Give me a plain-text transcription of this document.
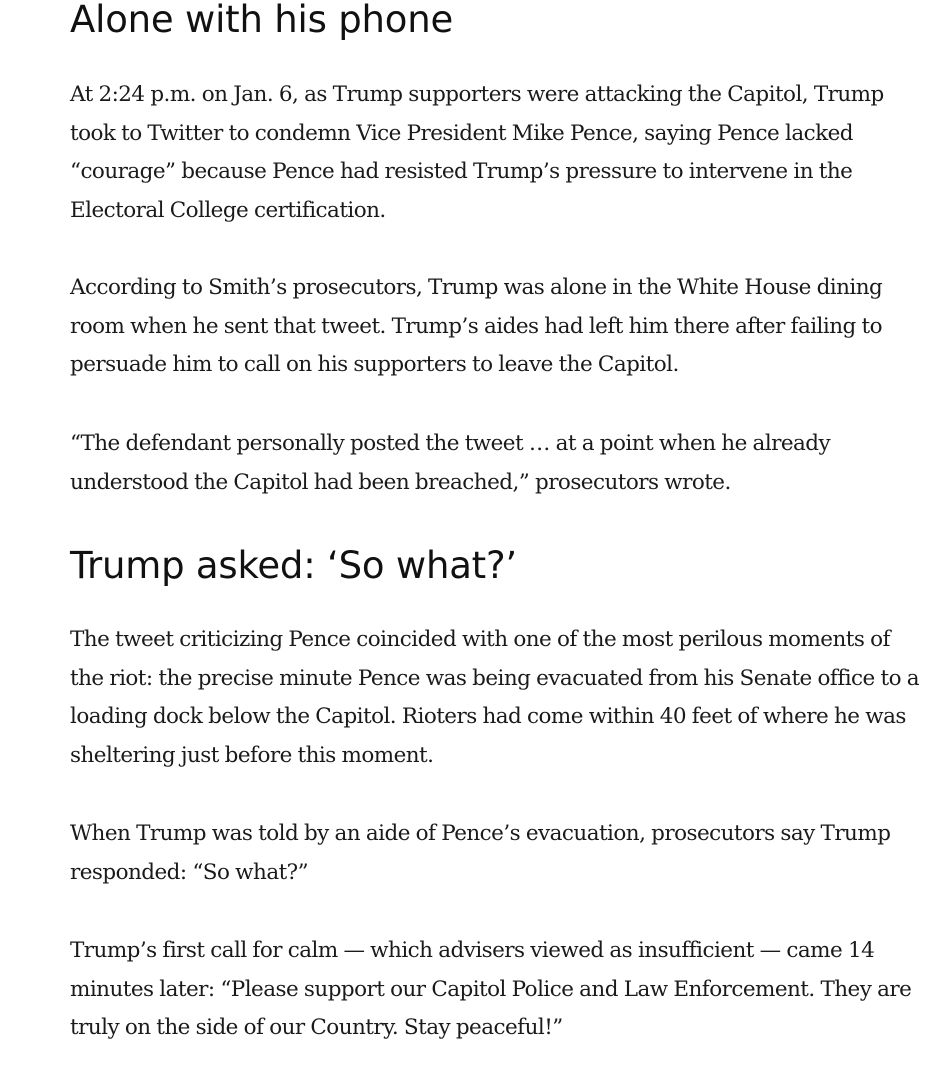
Alone with his phone

At 2:24 p.m. on Jan. 6, as Trump supporters were attacking the Capitol, Trump took to Twitter to condemn Vice President Mike Pence, saying Pence lacked “courage” because Pence had resisted Trump’s pressure to intervene in the Electoral College certification.

According to Smith’s prosecutors, Trump was alone in the White House dining room when he sent that tweet. Trump’s aides had left him there after failing to persuade him to call on his supporters to leave the Capitol.

“The defendant personally posted the tweet … at a point when he already understood the Capitol had been breached,” prosecutors wrote.

Trump asked: ‘So what?’

The tweet criticizing Pence coincided with one of the most perilous moments of the riot: the precise minute Pence was being evacuated from his Senate office to a loading dock below the Capitol. Rioters had come within 40 feet of where he was sheltering just before this moment.

When Trump was told by an aide of Pence’s evacuation, prosecutors say Trump responded: “So what?”

Trump’s first call for calm — which advisers viewed as insufficient — came 14 minutes later: “Please support our Capitol Police and Law Enforcement. They are truly on the side of our Country. Stay peaceful!”
